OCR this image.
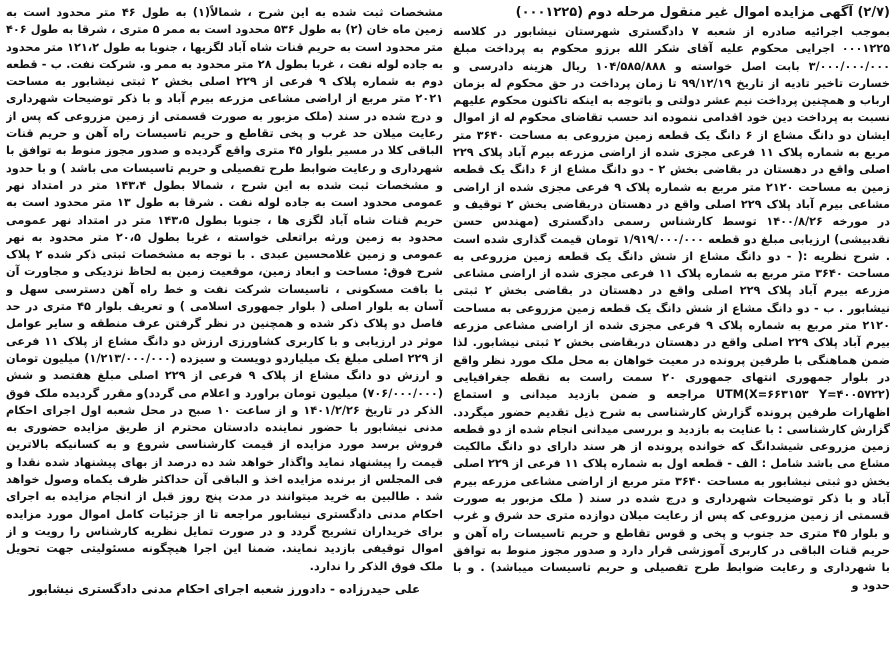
(۲/۷) آگهی مزایده اموال غیر منقول مرحله دوم (۰۰۰۱۲۲۵)

بموجب اجرائیه صادره از شعبه ۷ دادگستری شهرستان نیشابور در کلاسه ۰۰۰۱۲۲۵ اجرایی محکوم علیه آقای شکر الله برزو محکوم به پرداخت مبلغ ۳/۰۰۰/۰۰۰/۰۰۰ بابت اصل خواسته و ۱۰۴/۵۸۵/۸۸۸ ریال هزینه دادرسی و خسارت تاخیر تادیه از تاریخ ۹۹/۱۲/۱۹ تا زمان پرداخت در حق محکوم له بزمان ارباب و همچنین پرداخت نیم عشر دولتی و باتوجه به اینکه تاکنون محکوم علیهم نسبت به پرداخت دین خود اقدامی ننموده اند حسب تقاضای محکوم له از اموال ایشان دو دانگ مشاع از ۶ دانگ یک قطعه زمین مزروعی به مساحت ۳۶۴۰ متر مربع به شماره پلاک ۱۱ فرعی مجزی شده از اراضی مزرعه بیرم آباد پلاک ۲۲۹ اصلی واقع در دهستان در بقاضی بخش ۲ - دو دانگ مشاع از ۶ دانگ یک قطعه زمین به مساحت ۲۱۲۰ متر مربع به شماره پلاک ۹ فرعی مجزی شده از اراضی مشاعی بیرم آباد پلاک ۲۲۹ اصلی واقع در دهستان دربقاضی بخش ۲ توقیف و در مورخه ۱۴۰۰/۸/۲۶ توسط کارشناس رسمی دادگستری (مهندس حسن نقدبیشی) ارزیابی مبلغ دو قطعه ۱/۹۱۹/۰۰۰/۰۰۰ تومان قیمت گذاری شده است . شرح نظریه :( - دو دانگ مشاع از شش دانگ یک قطعه زمین مزروعی به مساحت ۳۶۴۰ متر مربع به شماره پلاک ۱۱ فرعی مجزی شده از اراضی مشاعی مزرعه بیرم آباد پلاک ۲۲۹ اصلی واقع در دهستان در بقاضی بخش ۲ ثبتی نیشابور . ب - دو دانگ مشاع از شش دانگ یک قطعه زمین مزروعی به مساحت ۲۱۲۰ متر مربع به شماره پلاک ۹ فرعی مجزی شده از اراضی مشاعی مزرعه بیرم آباد پلاک ۲۲۹ اصلی واقع در دهستان دربقاضی بخش ۲ ثبتی نیشابور. لذا ضمن هماهنگی با طرفین پرونده در معیت خواهان به محل ملک مورد نظر واقع در بلوار جمهوری انتهای جمهوری ۲۰ سمت راست به نقطه جغرافیایی UTM(X=۶۶۳۱۵۳ Y=۴۰۰۵۷۲۲) مراجعه و ضمن بازدید میدانی و استماع اظهارات طرفین پرونده گزارش کارشناسی به شرح ذیل تقدیم حضور میگردد. گزارش کارشناسی : با عنایت به بازدید و بررسی میدانی انجام شده از دو قطعه زمین مزروعی شیشدانگ که خوانده پرونده از هر سند دارای دو دانگ مالکیت مشاع می باشد شامل : الف - قطعه اول به شماره پلاک ۱۱ فرعی از ۲۲۹ اصلی بخش دو ثبتی نیشابور به مساحت ۳۶۴۰ متر مربع از اراضی مشاعی مزرعه بیرم آباد و با ذکر توضیحات شهرداری و درج شده در سند ( ملک مزبور به صورت قسمتی از زمین مزروعی که پس از رعایت میلان دوازده متری حد شرق و غرب و بلوار ۴۵ متری حد جنوب و پخی و قوس تقاطع و حریم تاسیسات راه آهن و حریم قنات الباقی در کاربری آموزشی قرار دارد و صدور مجوز منوط به توافق با شهرداری و رعایت ضوابط طرح تفصیلی و حریم تاسیسات میباشد) . و با حدود و

مشخصات ثبت شده به این شرح ، شمالاً(۱) به طول ۴۶ متر محدود است به زمین ماه خان (۲) به طول ۵۳۶ محدود است به ممر ۵ متری ، شرقا به طول ۴۰۶ متر محدود است به حریم قنات شاه آباد لگزیها ، جنوبا به طول ۱۲۱،۲ متر محدود به جاده لوله نفت ، غربا بطول ۲۸ متر محدود به ممر و. شرکت نفت. ب - قطعه دوم به شماره پلاک ۹ فرعی از ۲۲۹ اصلی بخش ۲ ثبتی نیشابور به مساحت ۲۰۲۱ متر مربع از اراضی مشاعی مزرعه بیرم آباد و با ذکر توضیحات شهرداری و درج شده در سند (ملک مزبور به صورت قسمتی از زمین مزروعی که پس از رعایت میلان حد غرب و پخی تقاطع و حریم تاسیسات راه آهن و حریم قنات الباقی کلا در مسیر بلوار ۴۵ متری واقع گردیده و صدور مجوز منوط به توافق با شهرداری و رعایت ضوابط طرح تفصیلی و حریم تاسیسات می باشد ) و با حدود و مشخصات ثبت شده به این شرح ، شمالا بطول ۱۴۳،۴ متر در امتداد نهر عمومی محدود است به جاده لوله نفت . شرقا به طول ۱۳ متر محدود است به حریم قنات شاه آباد لگزی ها ، جنوبا بطول ۱۴۳،۵ متر در امتداد نهر عمومی محدود به زمین ورثه براتعلی خواسته ، غربا بطول ۲۰،۵ متر محدود به نهر عمومی و زمین غلامحسین عبدی . با توجه به مشخصات ثبتی ذکر شده ۲ پلاک شرح فوق: مساحت و ابعاد زمین، موقعیت زمین به لحاظ نزدیکی و مجاورت آن با بافت مسکونی ، تاسیسات شرکت نفت و خط راه آهن دسترسی سهل و آسان به بلوار اصلی ( بلوار جمهوری اسلامی ) و تعریف بلوار ۴۵ متری در حد فاصل دو پلاک ذکر شده و همچنین در نظر گرفتن عرف منطقه و سایر عوامل موثر در ارزیابی و با کاربری کشاورزی ارزش دو دانگ مشاع از پلاک ۱۱ فرعی از ۲۲۹ اصلی مبلغ یک میلیاردو دویست و سیزده (۱/۲۱۳/۰۰۰/۰۰۰) میلیون تومان و ارزش دو دانگ مشاع از پلاک ۹ فرعی از ۲۲۹ اصلی مبلغ هفتصد و شش (۷۰۶/۰۰۰/۰۰۰) میلیون تومان براورد و اعلام می گردد)و مقرر گردیده ملک فوق الذکر در تاریخ ۱۴۰۱/۲/۲۶ و از ساعت ۱۰ صبح در محل شعبه اول اجرای احکام مدنی نیشابور با حضور نماینده دادستان محترم از طریق مزایده حضوری به فروش برسد مورد مزایده از قیمت کارشناسی شروع و به کسانیکه بالاترین قیمت را پیشنهاد نماید واگذار خواهد شد ده درصد از بهای پیشنهاد شده نقدا و فی المجلس از برنده مزایده اخذ و الباقی آن حداکثر ظرف یکماه وصول خواهد شد . طالبین به خرید میتوانند در مدت پنج روز قبل از انجام مزایده به اجرای احکام مدنی دادگستری نیشابور مراجعه تا از جزئیات کامل اموال مورد مزایده برای خریداران تشریح گردد و در صورت تمایل نظریه کارشناس را رویت و از اموال توقیفی بازدید نمایند. ضمنا این اجرا هیچگونه مسئولیتی جهت تحویل ملک فوق الذکر را ندارد.

علی حیدرزاده - دادورز شعبه اجرای احکام مدنی دادگستری نیشابور
